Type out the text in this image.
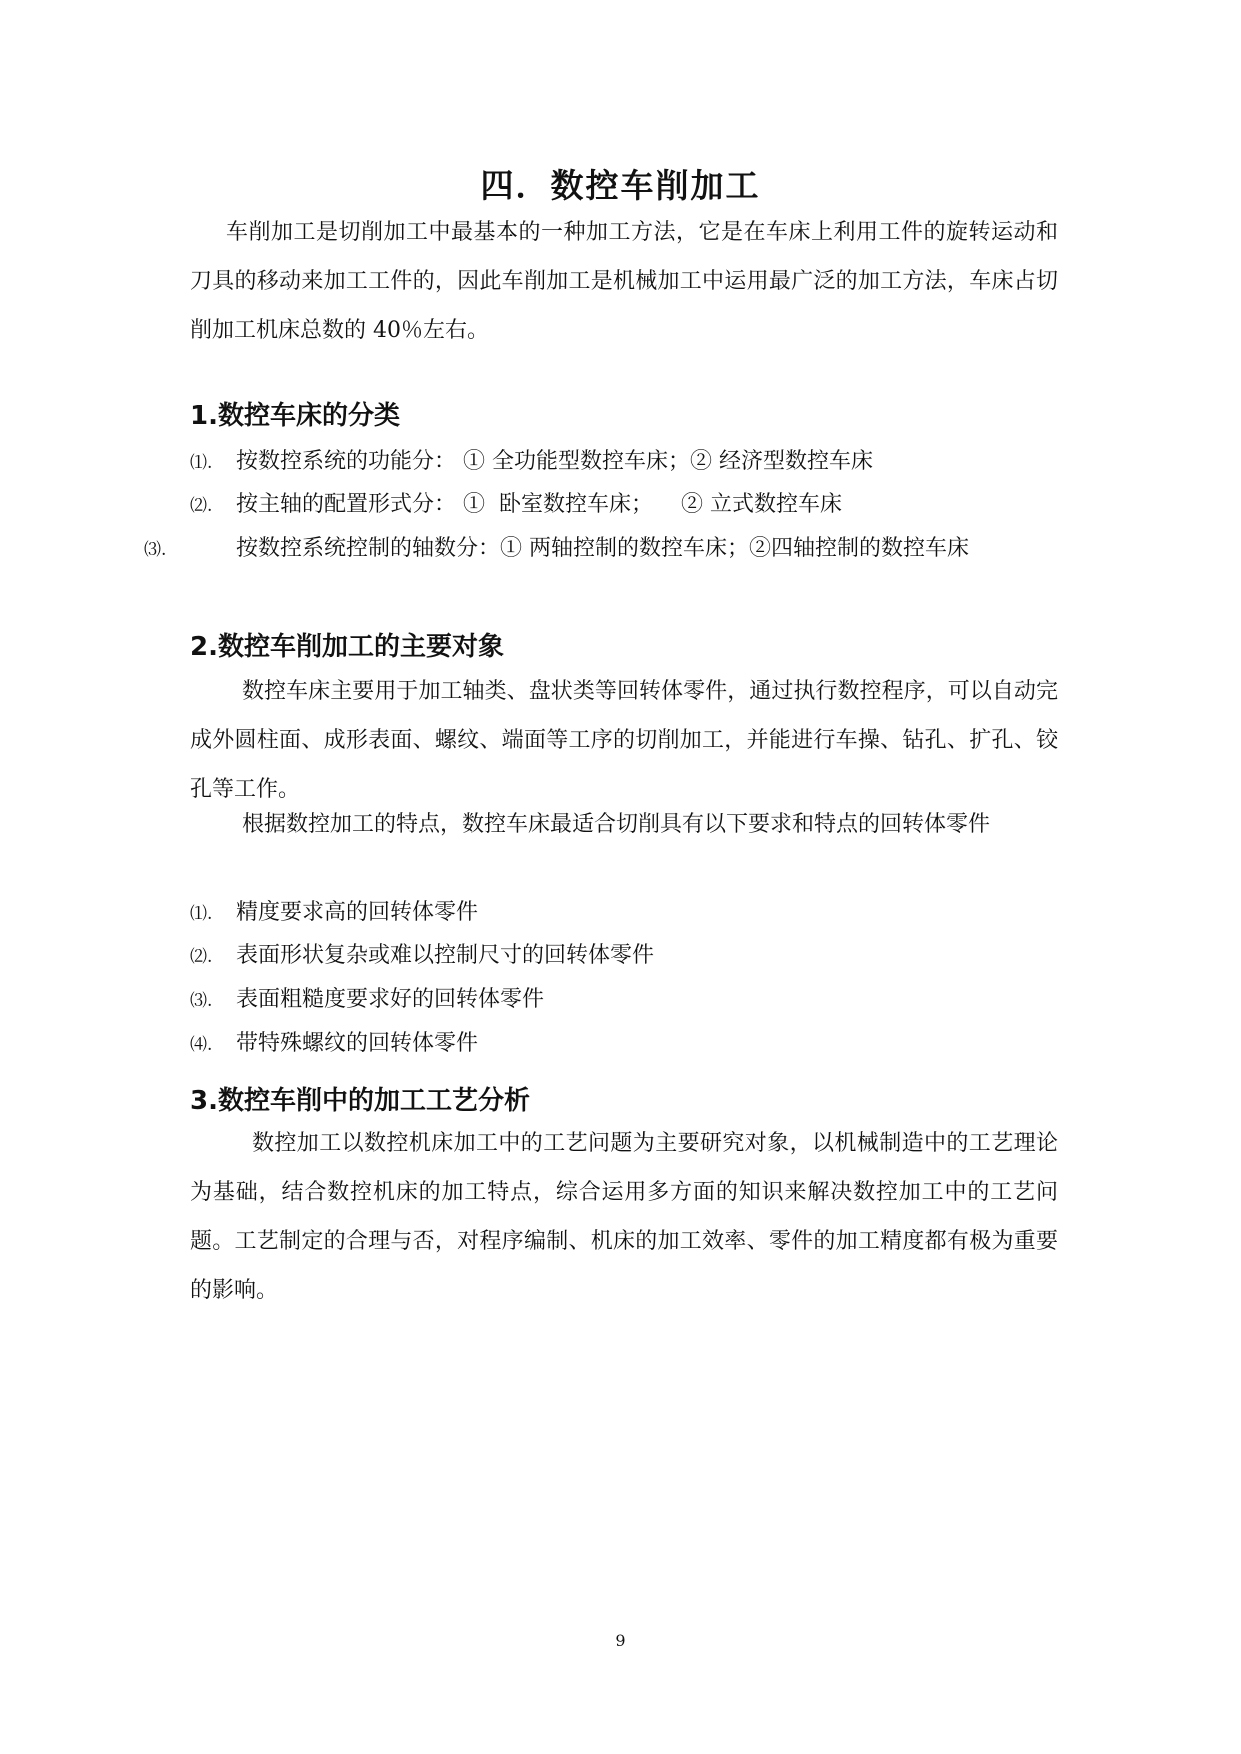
四．数控车削加工

车削加工是切削加工中最基本的一种加工方法，它是在车床上利用工件的旋转运动和刀具的移动来加工工件的，因此车削加工是机械加工中运用最广泛的加工方法，车床占切削加工机床总数的 40％左右。

1.数控车床的分类

⑴. 按数控系统的功能分： ① 全功能型数控车床；② 经济型数控车床

⑵. 按主轴的配置形式分： ①  卧室数控车床；    ② 立式数控车床

⑶.	按数控系统控制的轴数分：① 两轴控制的数控车床；②四轴控制的数控车床

2.数控车削加工的主要对象

数控车床主要用于加工轴类、盘状类等回转体零件，通过执行数控程序，可以自动完成外圆柱面、成形表面、螺纹、端面等工序的切削加工，并能进行车操、钻孔、扩孔、铰孔等工作。

根据数控加工的特点，数控车床最适合切削具有以下要求和特点的回转体零件

⑴. 精度要求高的回转体零件

⑵. 表面形状复杂或难以控制尺寸的回转体零件

⑶. 表面粗糙度要求好的回转体零件

⑷. 带特殊螺纹的回转体零件

3.数控车削中的加工工艺分析

数控加工以数控机床加工中的工艺问题为主要研究对象，以机械制造中的工艺理论为基础，结合数控机床的加工特点，综合运用多方面的知识来解决数控加工中的工艺问题。工艺制定的合理与否，对程序编制、机床的加工效率、零件的加工精度都有极为重要的影响。

9
